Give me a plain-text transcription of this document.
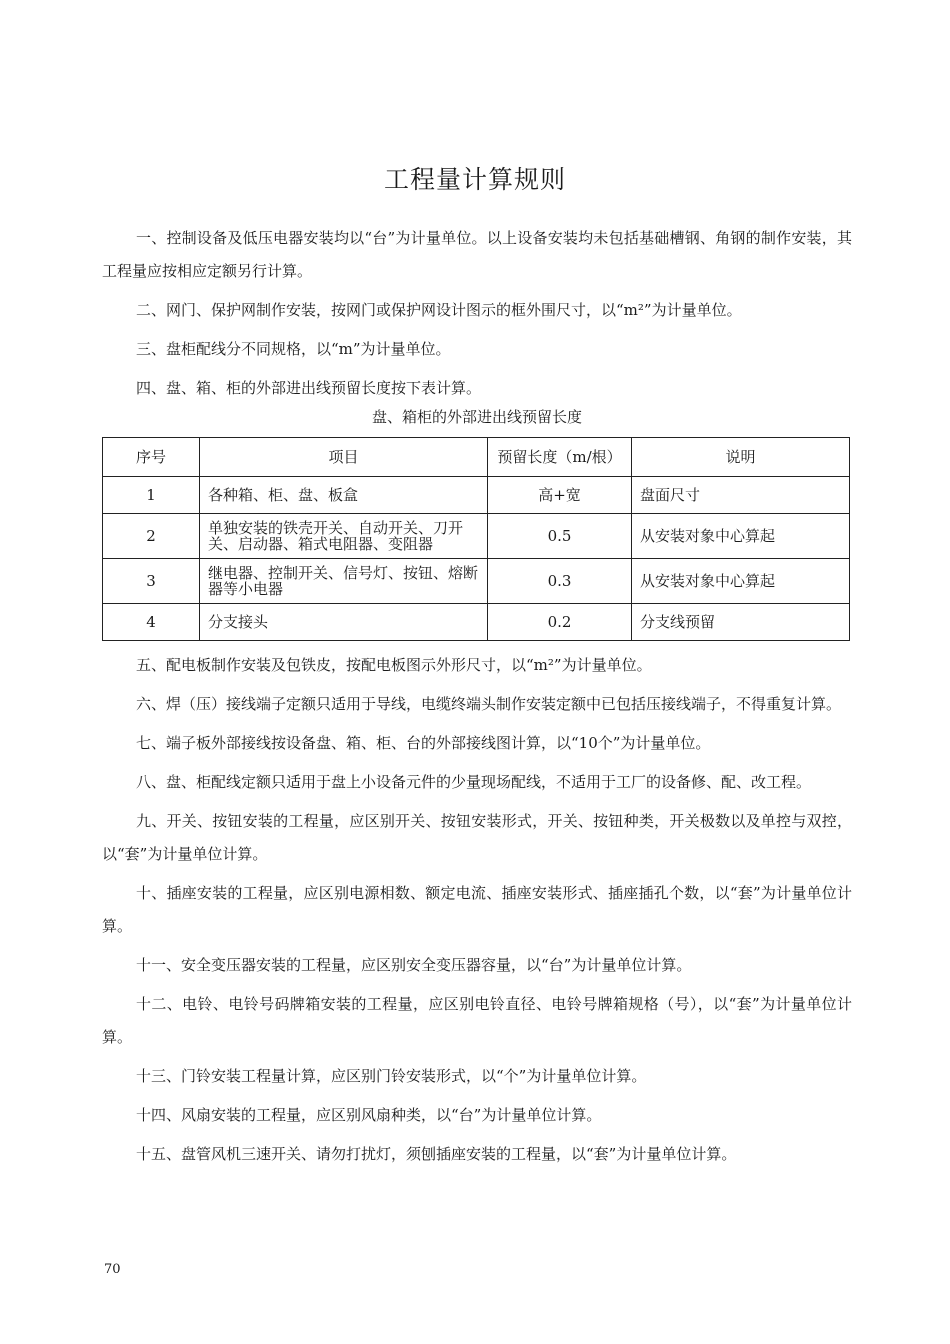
工程量计算规则

一、控制设备及低压电器安装均以“台”为计量单位。以上设备安装均未包括基础槽钢、角钢的制作安装，其工程量应按相应定额另行计算。

二、网门、保护网制作安装，按网门或保护网设计图示的框外围尺寸，以“m²”为计量单位。

三、盘柜配线分不同规格，以“m”为计量单位。

四、盘、箱、柜的外部进出线预留长度按下表计算。

盘、箱柜的外部进出线预留长度
序号	项目	预留长度（m/根）	说明
1	各种箱、柜、盘、板盒	高+宽	盘面尺寸
2	单独安装的铁壳开关、自动开关、刀开关、启动器、箱式电阻器、变阻器	0.5	从安装对象中心算起
3	继电器、控制开关、信号灯、按钮、熔断器等小电器	0.3	从安装对象中心算起
4	分支接头	0.2	分支线预留

五、配电板制作安装及包铁皮，按配电板图示外形尺寸，以“m²”为计量单位。

六、焊（压）接线端子定额只适用于导线，电缆终端头制作安装定额中已包括压接线端子，不得重复计算。

七、端子板外部接线按设备盘、箱、柜、台的外部接线图计算，以“10个”为计量单位。

八、盘、柜配线定额只适用于盘上小设备元件的少量现场配线，不适用于工厂的设备修、配、改工程。

九、开关、按钮安装的工程量，应区别开关、按钮安装形式，开关、按钮种类，开关极数以及单控与双控，以“套”为计量单位计算。

十、插座安装的工程量，应区别电源相数、额定电流、插座安装形式、插座插孔个数，以“套”为计量单位计算。

十一、安全变压器安装的工程量，应区别安全变压器容量，以“台”为计量单位计算。

十二、电铃、电铃号码牌箱安装的工程量，应区别电铃直径、电铃号牌箱规格（号），以“套”为计量单位计算。

十三、门铃安装工程量计算，应区别门铃安装形式，以“个”为计量单位计算。

十四、风扇安装的工程量，应区别风扇种类，以“台”为计量单位计算。

十五、盘管风机三速开关、请勿打扰灯，须刨插座安装的工程量，以“套”为计量单位计算。

70
